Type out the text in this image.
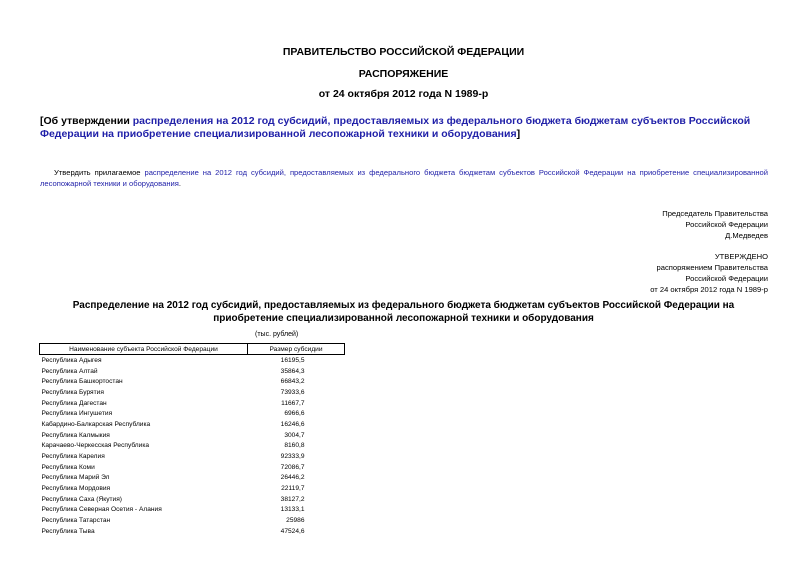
ПРАВИТЕЛЬСТВО РОССИЙСКОЙ ФЕДЕРАЦИИ
РАСПОРЯЖЕНИЕ
от 24 октября 2012 года N 1989-р
[Об утверждении распределения на 2012 год субсидий, предоставляемых из федерального бюджета бюджетам субъектов Российской Федерации на приобретение специализированной лесопожарной техники и оборудования]
Утвердить прилагаемое распределение на 2012 год субсидий, предоставляемых из федерального бюджета бюджетам субъектов Российской Федерации на приобретение специализированной лесопожарной техники и оборудования.
Председатель Правительства
Российской Федерации
Д.Медведев
УТВЕРЖДЕНО
распоряжением Правительства
Российской Федерации
от 24 октября 2012 года N 1989-р
Распределение на 2012 год субсидий, предоставляемых из федерального бюджета бюджетам субъектов Российской Федерации на приобретение специализированной лесопожарной техники и оборудования
(тыс. рублей)
Наименование субъекта Российской Федерации	Размер субсидии
Республика Адыгея	16195,5
Республика Алтай	35864,3
Республика Башкортостан	66843,2
Республика Бурятия	73933,6
Республика Дагестан	11667,7
Республика Ингушетия	6966,6
Кабардино-Балкарская Республика	16246,6
Республика Калмыкия	3004,7
Карачаево-Черкесская Республика	8160,8
Республика Карелия	92333,9
Республика Коми	72086,7
Республика Марий Эл	26446,2
Республика Мордовия	22119,7
Республика Саха (Якутия)	38127,2
Республика Северная Осетия - Алания	13133,1
Республика Татарстан	25986
Республика Тыва	47524,6
